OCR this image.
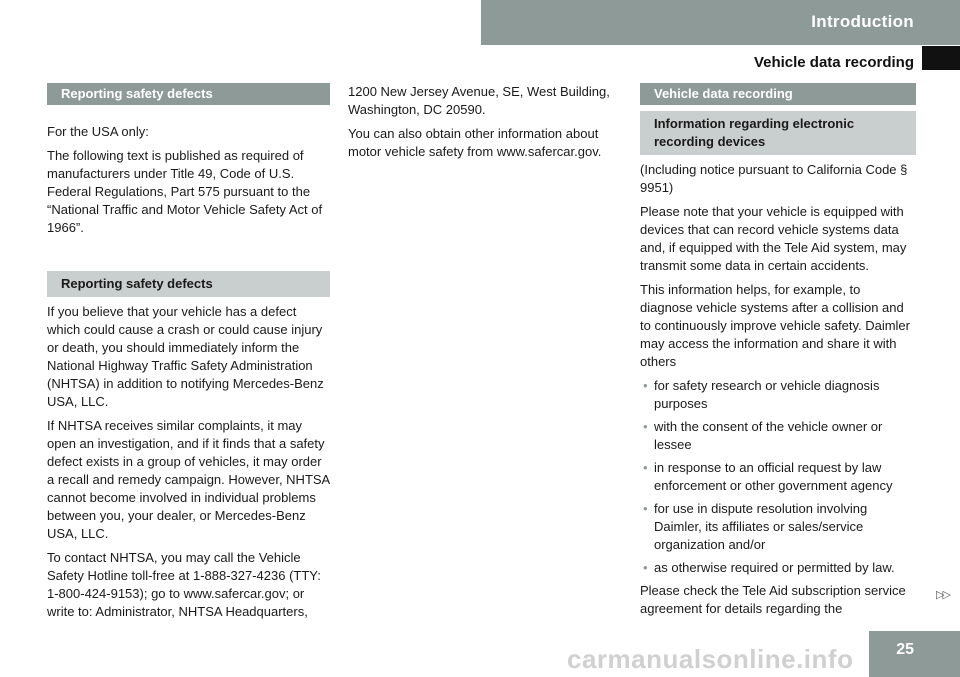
Introduction
Vehicle data recording
Reporting safety defects

For the USA only:

The following text is published as required of manufacturers under Title 49, Code of U.S. Federal Regulations, Part 575 pursuant to the “National Traffic and Motor Vehicle Safety Act of 1966”.

Reporting safety defects

If you believe that your vehicle has a defect which could cause a crash or could cause injury or death, you should immediately inform the National Highway Traffic Safety Administration (NHTSA) in addition to notifying Mercedes-Benz USA, LLC.

If NHTSA receives similar complaints, it may open an investigation, and if it finds that a safety defect exists in a group of vehicles, it may order a recall and remedy campaign. However, NHTSA cannot become involved in individual problems between you, your dealer, or Mercedes-Benz USA, LLC.

To contact NHTSA, you may call the Vehicle Safety Hotline toll-free at 1-888-327-4236 (TTY: 1-800-424-9153); go to www.safercar.gov; or write to: Administrator, NHTSA Headquarters,

1200 New Jersey Avenue, SE, West Building, Washington, DC 20590.

You can also obtain other information about motor vehicle safety from www.safercar.gov.

Vehicle data recording
Information regarding electronic recording devices

(Including notice pursuant to California Code § 9951)

Please note that your vehicle is equipped with devices that can record vehicle systems data and, if equipped with the Tele Aid system, may transmit some data in certain accidents.

This information helps, for example, to diagnose vehicle systems after a collision and to continuously improve vehicle safety. Daimler may access the information and share it with others

• for safety research or vehicle diagnosis purposes
• with the consent of the vehicle owner or lessee
• in response to an official request by law enforcement or other government agency
• for use in dispute resolution involving Daimler, its affiliates or sales/service organization and/or
• as otherwise required or permitted by law.

Please check the Tele Aid subscription service agreement for details regarding the

▷▷
25
carmanualsonline.info
